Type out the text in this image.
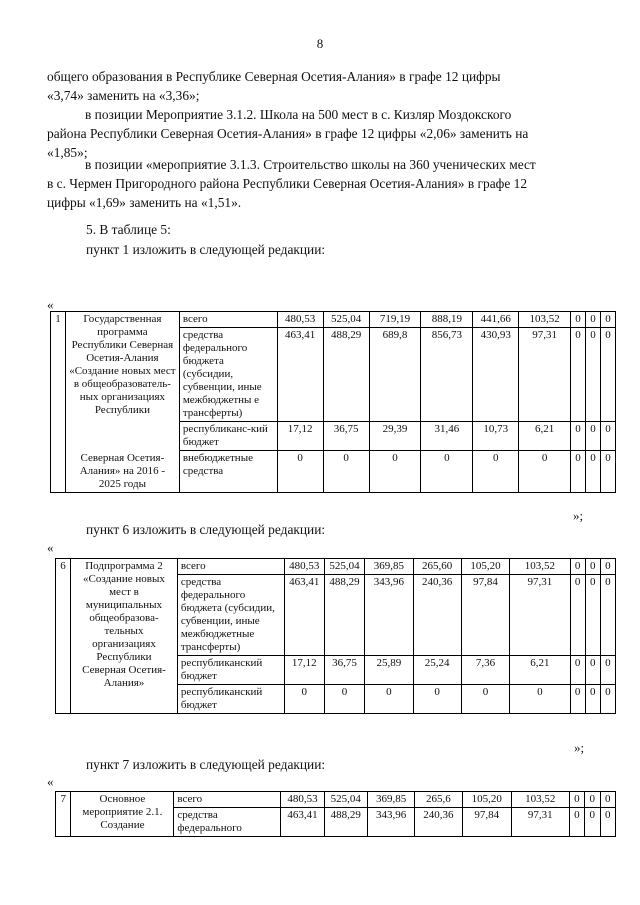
8
общего образования в Республике Северная Осетия-Алания» в графе 12 цифры
«3,74» заменить на «3,36»;
в позиции Мероприятие 3.1.2. Школа на 500 мест в с. Кизляр Моздокского
района Республики Северная Осетия-Алания» в графе 12 цифры «2,06» заменить на
«1,85»;
в позиции «мероприятие 3.1.3. Строительство школы на 360 ученических мест
в с. Чермен Пригородного района Республики Северная Осетия-Алания» в графе 12
цифры «1,69» заменить на «1,51».
5. В таблице 5:
пункт 1 изложить в следующей редакции:
«
1	Государственная программа Республики Северная Осетия-Алания «Создание новых мест в общеобразователь-ных организациях Республики	всего	480,53	525,04	719,19	888,19	441,66	103,52	0	0	0
		средства федерального бюджета (субсидии, субвенции, иные межбюджетны е трансферты)	463,41	488,29	689,8	856,73	430,93	97,31	0	0	0
		республиканс-кий бюджет	17,12	36,75	29,39	31,46	10,73	6,21	0	0	0
	Северная Осетия-Алания» на 2016 - 2025 годы	внебюджетные средства	0	0	0	0	0	0	0	0	0
»;
пункт 6 изложить в следующей редакции:
«
6	Подпрограмма 2 «Создание новых мест в муниципальных общеобразова-тельных организациях Республики Северная Осетия-Алания»	всего	480,53	525,04	369,85	265,60	105,20	103,52	0	0	0
		средства федерального бюджета (субсидии, субвенции, иные межбюджетные трансферты)	463,41	488,29	343,96	240,36	97,84	97,31	0	0	0
		республиканский бюджет	17,12	36,75	25,89	25,24	7,36	6,21	0	0	0
		республиканский бюджет	0	0	0	0	0	0	0	0	0
»;
пункт 7 изложить в следующей редакции:
«
7	Основное мероприятие 2.1. Создание	всего	480,53	525,04	369,85	265,6	105,20	103,52	0	0	0
		средства федерального	463,41	488,29	343,96	240,36	97,84	97,31	0	0	0
